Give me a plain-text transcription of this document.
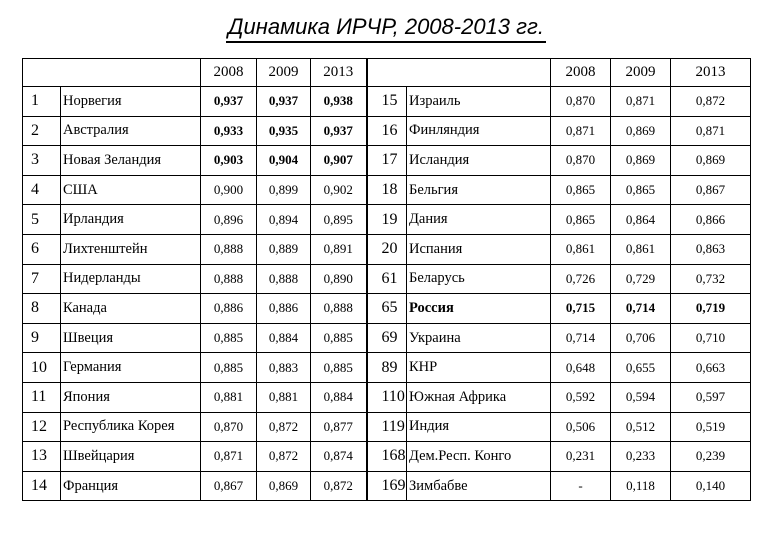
Динамика ИРЧР, 2008-2013 гг.
		2008	2009	2013			2008	2009	2013
1	Норвегия	0,937	0,937	0,938	15	Израиль	0,870	0,871	0,872
2	Австралия	0,933	0,935	0,937	16	Финляндия	0,871	0,869	0,871
3	Новая Зеландия	0,903	0,904	0,907	17	Исландия	0,870	0,869	0,869
4	США	0,900	0,899	0,902	18	Бельгия	0,865	0,865	0,867
5	Ирландия	0,896	0,894	0,895	19	Дания	0,865	0,864	0,866
6	Лихтенштейн	0,888	0,889	0,891	20	Испания	0,861	0,861	0,863
7	Нидерланды	0,888	0,888	0,890	61	Беларусь	0,726	0,729	0,732
8	Канада	0,886	0,886	0,888	65	Россия	0,715	0,714	0,719
9	Швеция	0,885	0,884	0,885	69	Украина	0,714	0,706	0,710
10	Германия	0,885	0,883	0,885	89	КНР	0,648	0,655	0,663
11	Япония	0,881	0,881	0,884	110	Южная Африка	0,592	0,594	0,597
12	Республика Корея	0,870	0,872	0,877	119	Индия	0,506	0,512	0,519
13	Швейцария	0,871	0,872	0,874	168	Дем.Респ. Конго	0,231	0,233	0,239
14	Франция	0,867	0,869	0,872	169	Зимбабве	-	0,118	0,140
